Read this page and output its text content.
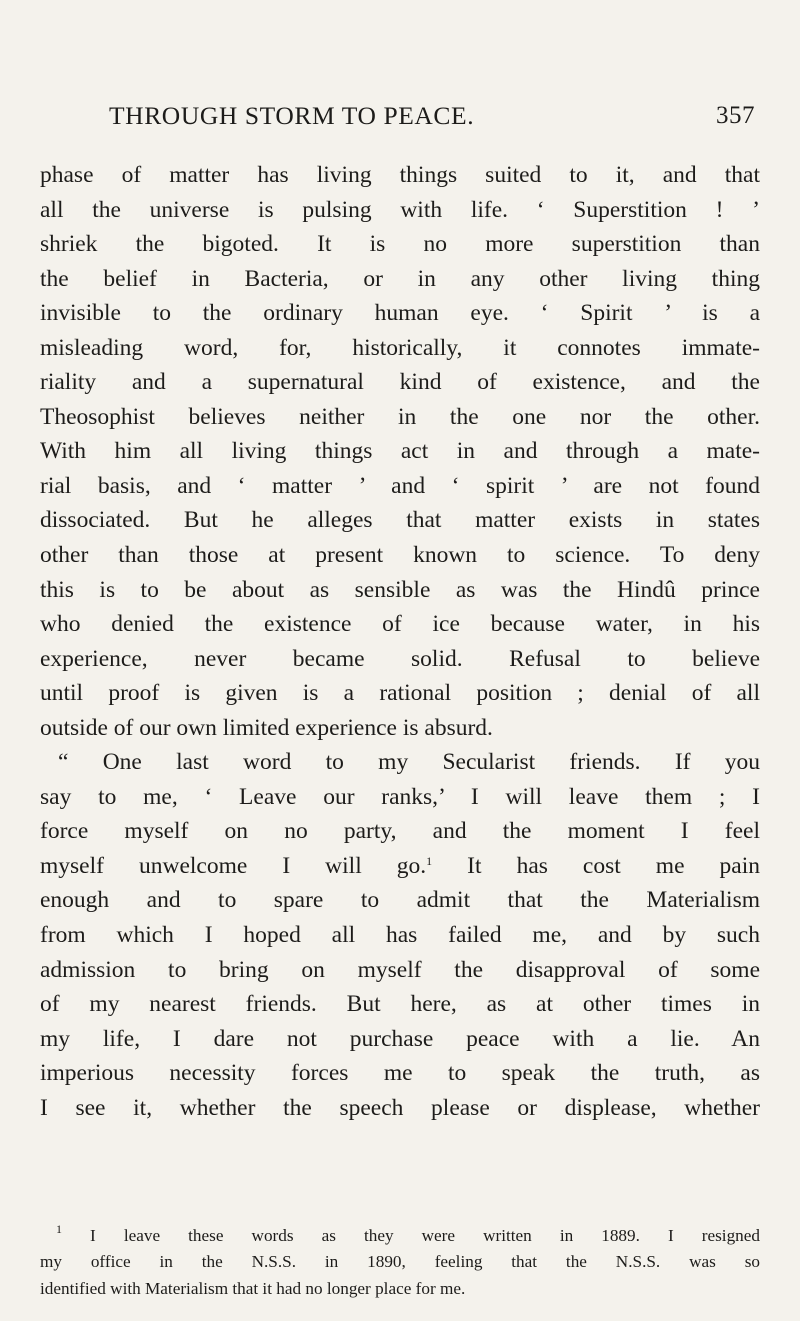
THROUGH STORM TO PEACE.	357
phase of matter has living things suited to it, and that
all the universe is pulsing with life. ‘ Superstition ! ’
shriek the bigoted. It is no more superstition than
the belief in Bacteria, or in any other living thing
invisible to the ordinary human eye. ‘ Spirit ’ is a
misleading word, for, historically, it connotes immate-
riality and a supernatural kind of existence, and the
Theosophist believes neither in the one nor the other.
With him all living things act in and through a mate-
rial basis, and ‘ matter ’ and ‘ spirit ’ are not found
dissociated. But he alleges that matter exists in states
other than those at present known to science. To deny
this is to be about as sensible as was the Hindû prince
who denied the existence of ice because water, in his
experience, never became solid. Refusal to believe
until proof is given is a rational position ; denial of all
outside of our own limited experience is absurd.
“ One last word to my Secularist friends. If you
say to me, ‘ Leave our ranks,’ I will leave them ; I
force myself on no party, and the moment I feel
myself unwelcome I will go.$^1$ It has cost me pain
enough and to spare to admit that the Materialism
from which I hoped all has failed me, and by such
admission to bring on myself the disapproval of some
of my nearest friends. But here, as at other times in
my life, I dare not purchase peace with a lie. An
imperious necessity forces me to speak the truth, as
I see it, whether the speech please or displease, whether
$^1$ I leave these words as they were written in 1889. I resigned
my office in the N.S.S. in 1890, feeling that the N.S.S. was so
identified with Materialism that it had no longer place for me.
